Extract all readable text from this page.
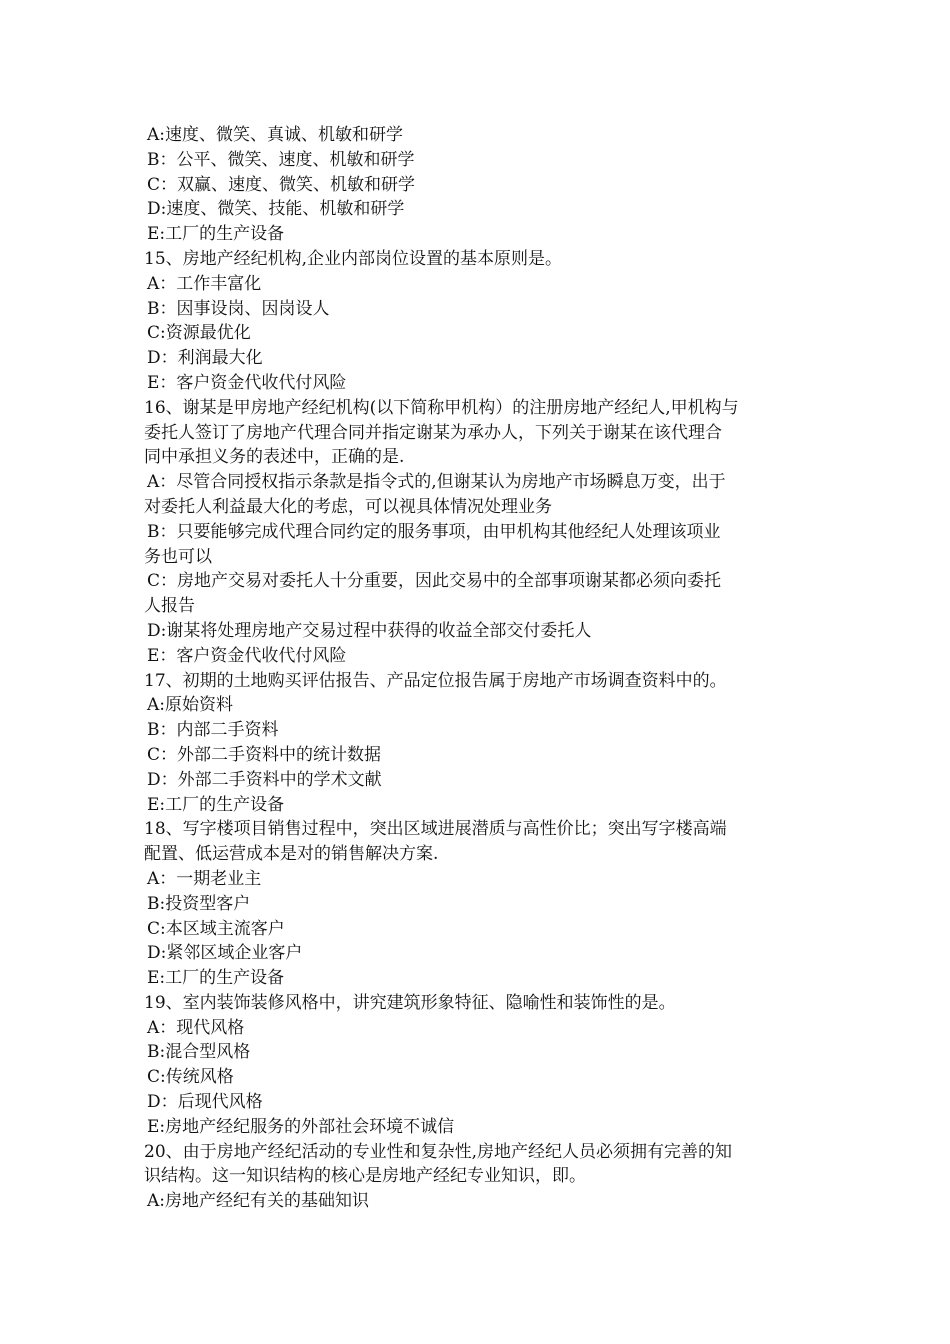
A:速度、微笑、真诚、机敏和研学
B：公平、微笑、速度、机敏和研学
C：双赢、速度、微笑、机敏和研学
D:速度、微笑、技能、机敏和研学
E:工厂的生产设备
15、房地产经纪机构,企业内部岗位设置的基本原则是。
A：工作丰富化
B：因事设岗、因岗设人
C:资源最优化
D：利润最大化
E：客户资金代收代付风险
16、谢某是甲房地产经纪机构(以下简称甲机构）的注册房地产经纪人,甲机构与
委托人签订了房地产代理合同并指定谢某为承办人，下列关于谢某在该代理合
同中承担义务的表述中，正确的是.
A：尽管合同授权指示条款是指令式的,但谢某认为房地产市场瞬息万变，出于
对委托人利益最大化的考虑，可以视具体情况处理业务
B：只要能够完成代理合同约定的服务事项，由甲机构其他经纪人处理该项业
务也可以
C：房地产交易对委托人十分重要，因此交易中的全部事项谢某都必须向委托
人报告
D:谢某将处理房地产交易过程中获得的收益全部交付委托人
E：客户资金代收代付风险
17、初期的土地购买评估报告、产品定位报告属于房地产市场调查资料中的。
A:原始资料
B：内部二手资料
C：外部二手资料中的统计数据
D：外部二手资料中的学术文献
E:工厂的生产设备
18、写字楼项目销售过程中，突出区域进展潜质与高性价比；突出写字楼高端
配置、低运营成本是对的销售解决方案.
A：一期老业主
B:投资型客户
C:本区域主流客户
D:紧邻区域企业客户
E:工厂的生产设备
19、室内装饰装修风格中，讲究建筑形象特征、隐喻性和装饰性的是。
A：现代风格
B:混合型风格
C:传统风格
D：后现代风格
E:房地产经纪服务的外部社会环境不诚信
20、由于房地产经纪活动的专业性和复杂性,房地产经纪人员必须拥有完善的知
识结构。这一知识结构的核心是房地产经纪专业知识，即。
A:房地产经纪有关的基础知识
